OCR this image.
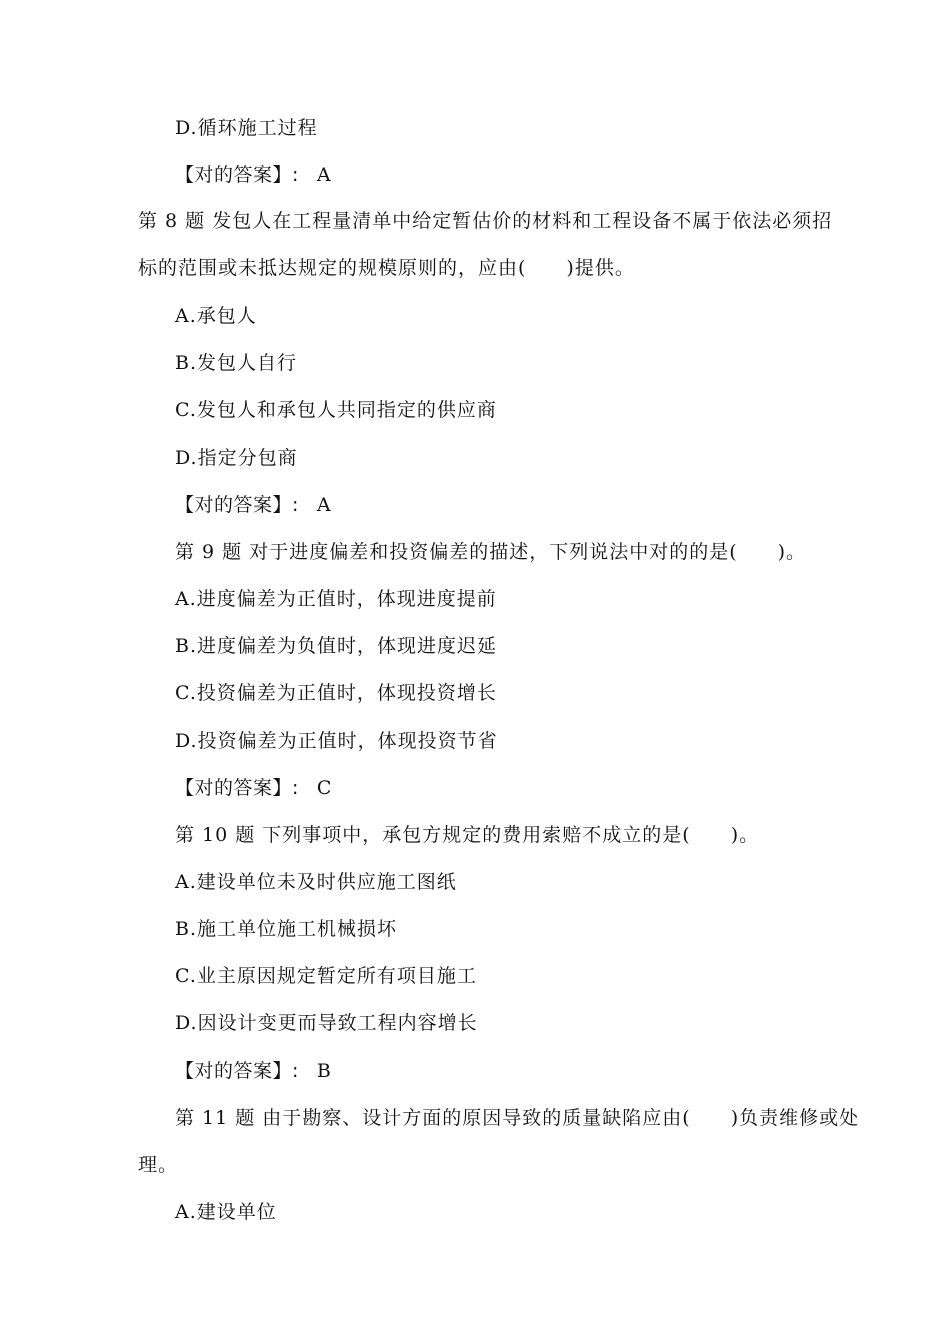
D.循环施工过程
【对的答案】: A
第 8 题 发包人在工程量清单中给定暂估价的材料和工程设备不属于依法必须招标的范围或未抵达规定的规模原则的，应由(　　)提供。
A.承包人
B.发包人自行
C.发包人和承包人共同指定的供应商
D.指定分包商
【对的答案】: A
第 9 题 对于进度偏差和投资偏差的描述，下列说法中对的的是(　　)。
A.进度偏差为正值时，体现进度提前
B.进度偏差为负值时，体现进度迟延
C.投资偏差为正值时，体现投资增长
D.投资偏差为正值时，体现投资节省
【对的答案】: C
第 10 题 下列事项中，承包方规定的费用索赔不成立的是(　　)。
A.建设单位未及时供应施工图纸
B.施工单位施工机械损坏
C.业主原因规定暂定所有项目施工
D.因设计变更而导致工程内容增长
【对的答案】: B
第 11 题 由于勘察、设计方面的原因导致的质量缺陷应由(　　)负责维修或处
理。
A.建设单位
